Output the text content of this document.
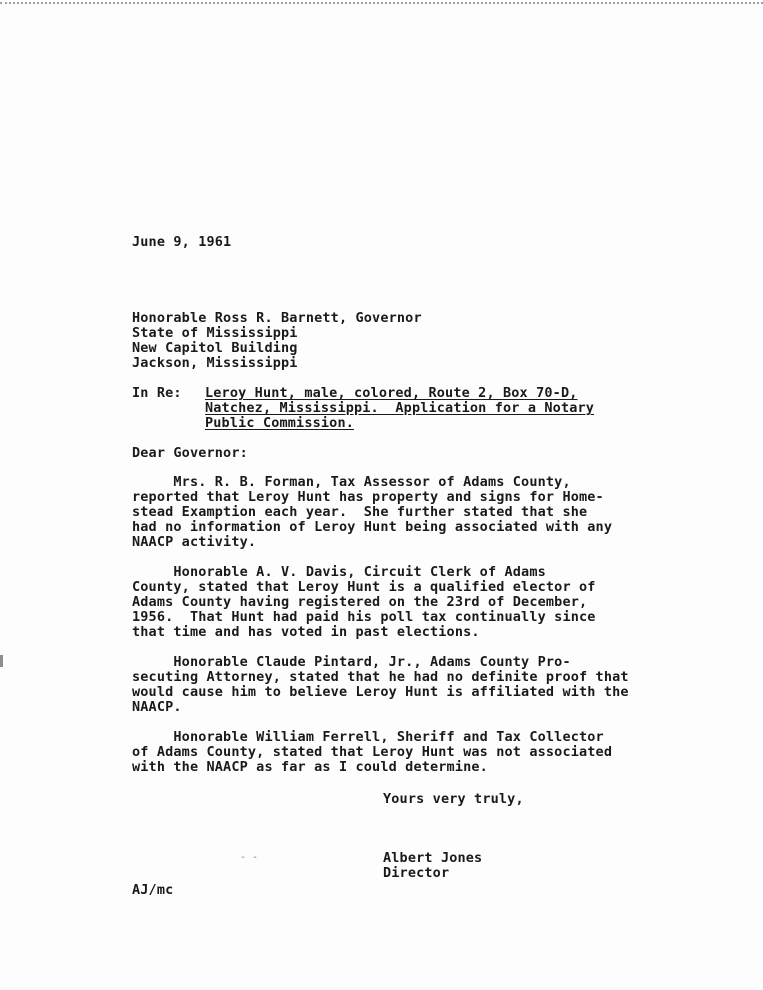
June 9, 1961
Honorable Ross R. Barnett, Governor
State of Mississippi
New Capitol Building
Jackson, Mississippi
In Re: Leroy Hunt, male, colored, Route 2, Box 70-D,
Natchez, Mississippi.  Application for a Notary
Public Commission.
Dear Governor:
Mrs. R. B. Forman, Tax Assessor of Adams County,
reported that Leroy Hunt has property and signs for Home-
stead Examption each year.  She further stated that she
had no information of Leroy Hunt being associated with any
NAACP activity.
Honorable A. V. Davis, Circuit Clerk of Adams
County, stated that Leroy Hunt is a qualified elector of
Adams County having registered on the 23rd of December,
1956.  That Hunt had paid his poll tax continually since
that time and has voted in past elections.
Honorable Claude Pintard, Jr., Adams County Pro-
secuting Attorney, stated that he had no definite proof that
would cause him to believe Leroy Hunt is affiliated with the
NAACP.
Honorable William Ferrell, Sheriff and Tax Collector
of Adams County, stated that Leroy Hunt was not associated
with the NAACP as far as I could determine.
Yours very truly,
- -	Albert Jones
Director
AJ/mc
